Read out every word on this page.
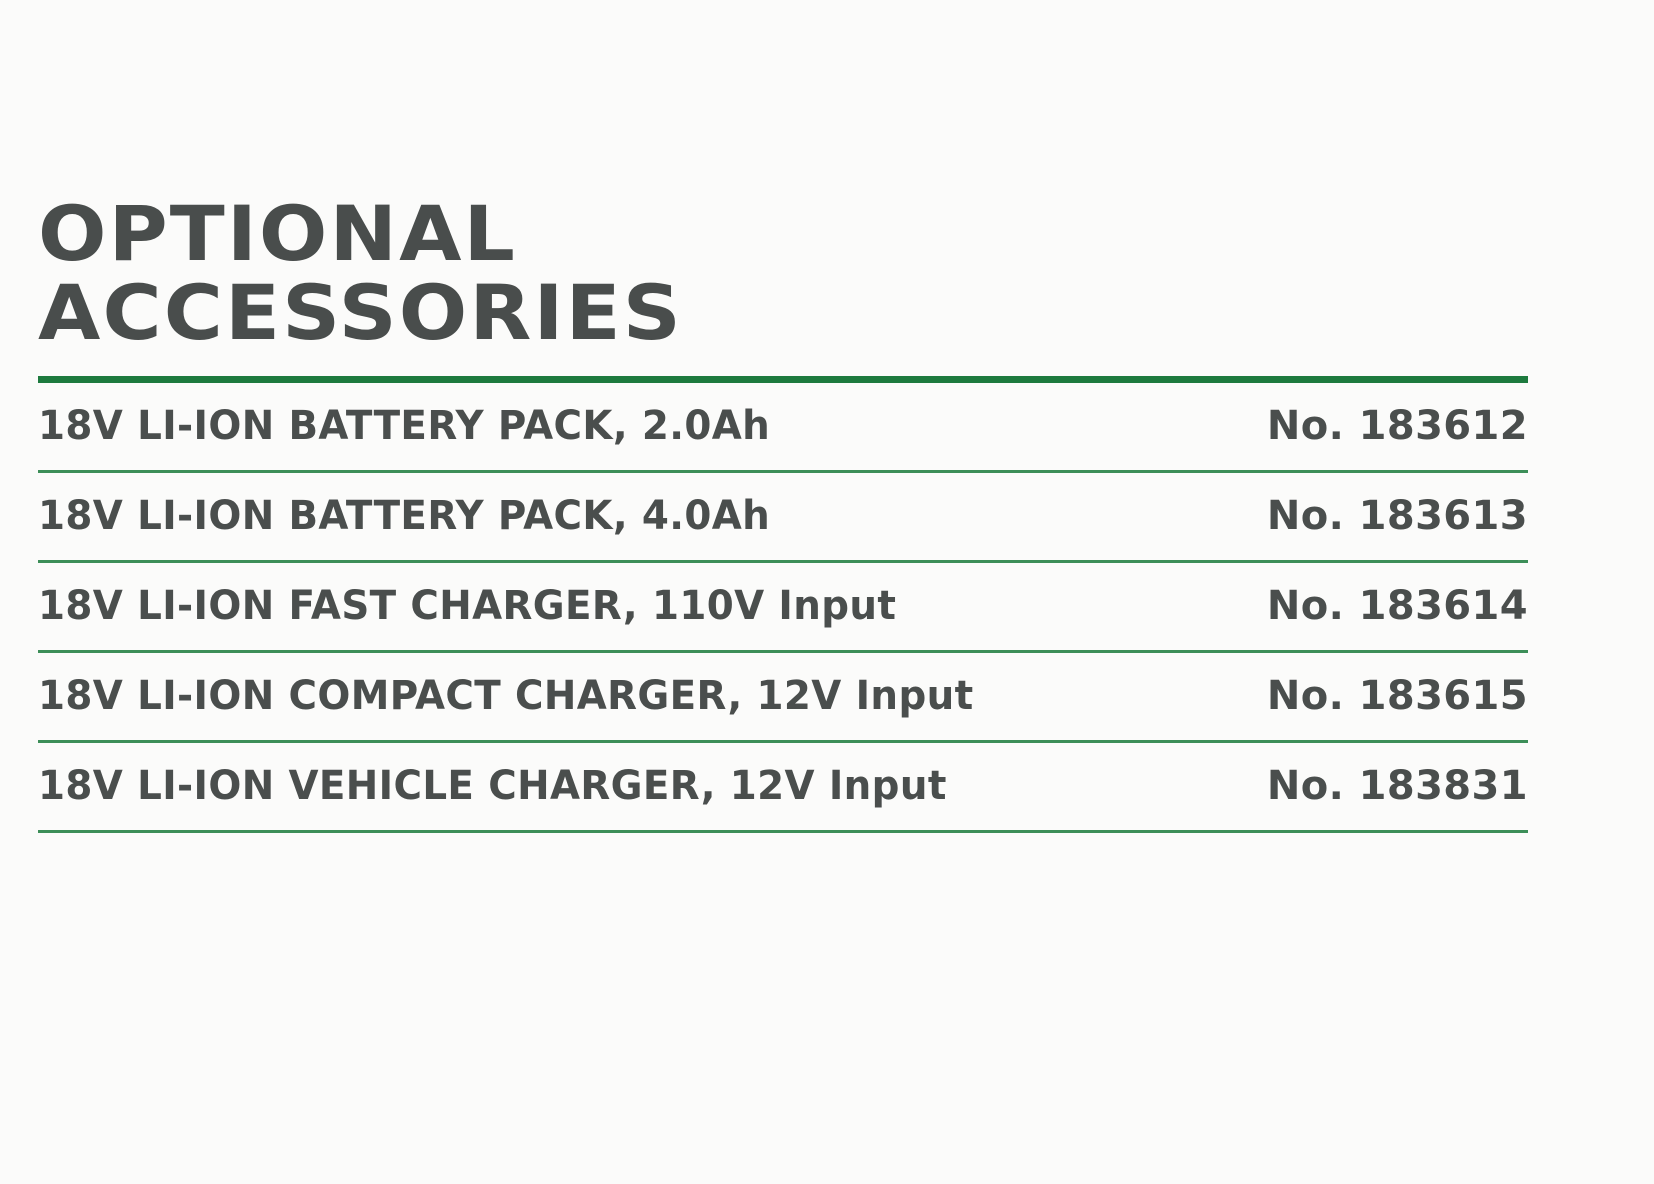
OPTIONAL
ACCESSORIES
18V LI-ION BATTERY PACK, 2.0Ah	No. 183612

18V LI-ION BATTERY PACK, 4.0Ah	No. 183613

18V LI-ION FAST CHARGER, 110V Input	No. 183614

18V LI-ION COMPACT CHARGER, 12V Input	No. 183615

18V LI-ION VEHICLE CHARGER, 12V Input	No. 183831
